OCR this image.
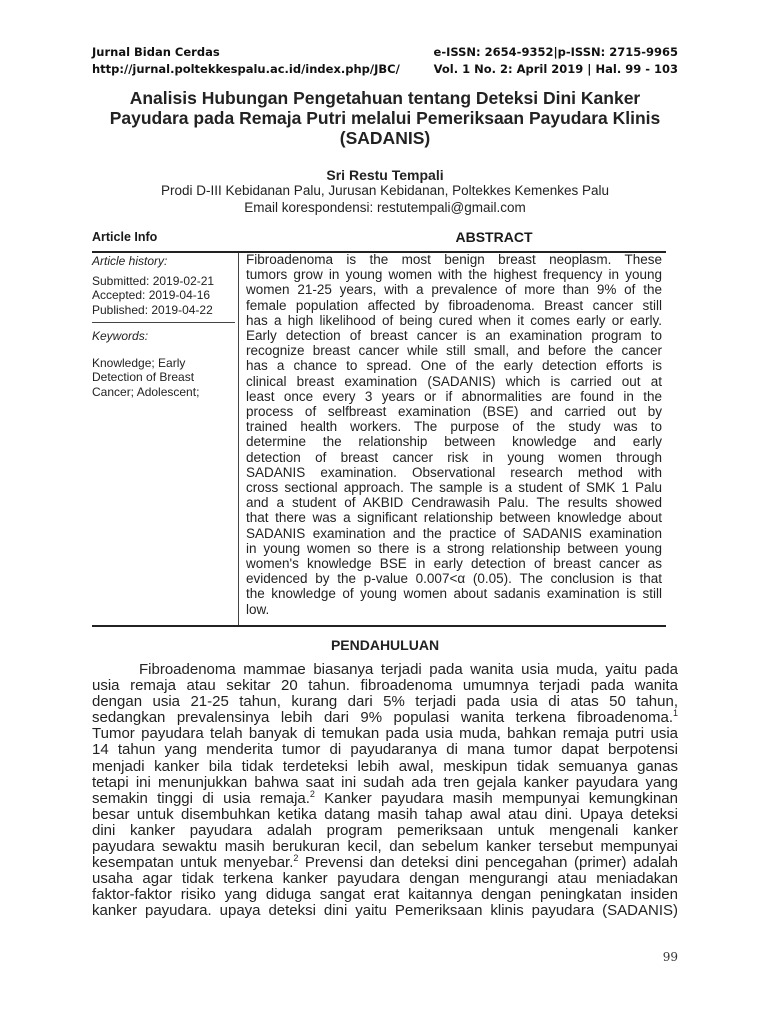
Jurnal Bidan Cerdas	e-ISSN: 2654-9352|p-ISSN: 2715-9965
http://jurnal.poltekkespalu.ac.id/index.php/JBC/	Vol. 1 No. 2: April 2019 | Hal. 99 - 103
Analisis Hubungan Pengetahuan tentang Deteksi Dini Kanker
Payudara pada Remaja Putri melalui Pemeriksaan Payudara Klinis
(SADANIS)
Sri Restu Tempali
Prodi D-III Kebidanan Palu, Jurusan Kebidanan, Poltekkes Kemenkes Palu
Email korespondensi: restutempali@gmail.com
Article Info	ABSTRACT
Article history:
Submitted: 2019-02-21
Accepted: 2019-04-16
Published: 2019-04-22
Keywords:
Knowledge; Early
Detection of Breast
Cancer; Adolescent;
Fibroadenoma is the most benign breast neoplasm. These
tumors grow in young women with the highest frequency in young
women 21-25 years, with a prevalence of more than 9% of the
female population affected by fibroadenoma. Breast cancer still
has a high likelihood of being cured when it comes early or early.
Early detection of breast cancer is an examination program to
recognize breast cancer while still small, and before the cancer
has a chance to spread. One of the early detection efforts is
clinical breast examination (SADANIS) which is carried out at
least once every 3 years or if abnormalities are found in the
process of selfbreast examination (BSE) and carried out by
trained health workers. The purpose of the study was to
determine the relationship between knowledge and early
detection of breast cancer risk in young women through
SADANIS examination. Observational research method with
cross sectional approach. The sample is a student of SMK 1 Palu
and a student of AKBID Cendrawasih Palu. The results showed
that there was a significant relationship between knowledge about
SADANIS examination and the practice of SADANIS examination
in young women so there is a strong relationship between young
women's knowledge BSE in early detection of breast cancer as
evidenced by the p-value 0.007<α (0.05). The conclusion is that
the knowledge of young women about sadanis examination is still
low.
PENDAHULUAN
Fibroadenoma mammae biasanya terjadi pada wanita usia muda, yaitu pada
usia remaja atau sekitar 20 tahun. fibroadenoma umumnya terjadi pada wanita
dengan usia 21-25 tahun, kurang dari 5% terjadi pada usia di atas 50 tahun,
sedangkan prevalensinya lebih dari 9% populasi wanita terkena fibroadenoma.$^1$
Tumor payudara telah banyak di temukan pada usia muda, bahkan remaja putri usia
14 tahun yang menderita tumor di payudaranya di mana tumor dapat berpotensi
menjadi kanker bila tidak terdeteksi lebih awal, meskipun tidak semuanya ganas
tetapi ini menunjukkan bahwa saat ini sudah ada tren gejala kanker payudara yang
semakin tinggi di usia remaja.$^2$ Kanker payudara masih mempunyai kemungkinan
besar untuk disembuhkan ketika datang masih tahap awal atau dini. Upaya deteksi
dini kanker payudara adalah program pemeriksaan untuk mengenali kanker
payudara sewaktu masih berukuran kecil, dan sebelum kanker tersebut mempunyai
kesempatan untuk menyebar.$^2$ Prevensi dan deteksi dini pencegahan (primer) adalah
usaha agar tidak terkena kanker payudara dengan mengurangi atau meniadakan
faktor-faktor risiko yang diduga sangat erat kaitannya dengan peningkatan insiden
kanker payudara. upaya deteksi dini yaitu Pemeriksaan klinis payudara (SADANIS)
99
